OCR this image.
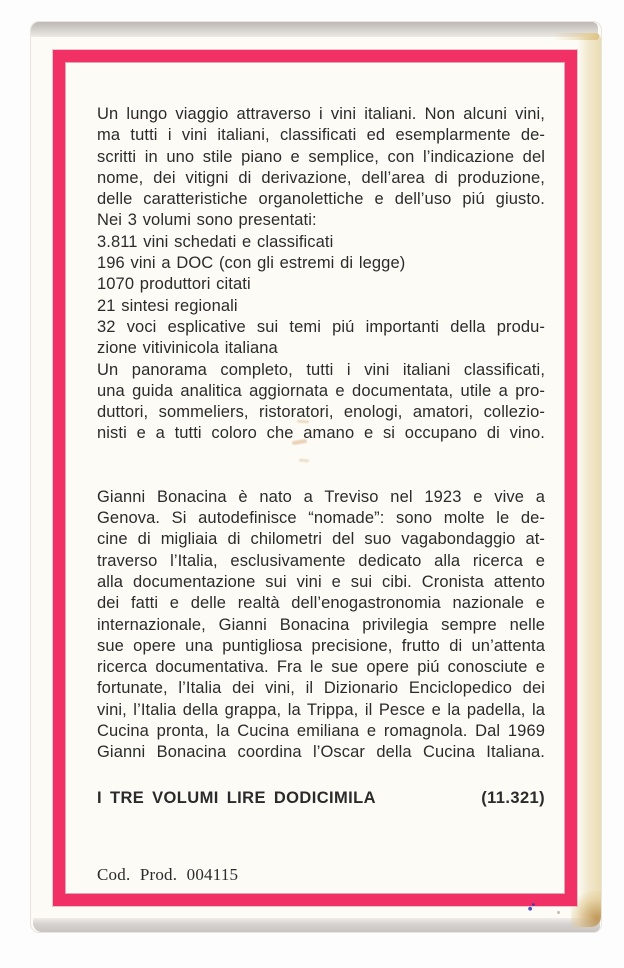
Un lungo viaggio attraverso i vini italiani. Non alcuni vini,
ma tutti i vini italiani, classificati ed esemplarmente de-
scritti in uno stile piano e semplice, con l’indicazione del
nome, dei vitigni di derivazione, dell’area di produzione,
delle caratteristiche organolettiche e dell’uso piú giusto.
Nei 3 volumi sono presentati:
3.811 vini schedati e classificati
196 vini a DOC (con gli estremi di legge)
1070 produttori citati
21 sintesi regionali
32 voci esplicative sui temi piú importanti della produ-
zione vitivinicola italiana
Un panorama completo, tutti i vini italiani classificati,
una guida analitica aggiornata e documentata, utile a pro-
duttori, sommeliers, ristoratori, enologi, amatori, collezio-
nisti e a tutti coloro che amano e si occupano di vino.
Gianni Bonacina è nato a Treviso nel 1923 e vive a
Genova. Si autodefinisce “nomade”: sono molte le de-
cine di migliaia di chilometri del suo vagabondaggio at-
traverso l’Italia, esclusivamente dedicato alla ricerca e
alla documentazione sui vini e sui cibi. Cronista attento
dei fatti e delle realtà dell’enogastronomia nazionale e
internazionale, Gianni Bonacina privilegia sempre nelle
sue opere una puntigliosa precisione, frutto di un’attenta
ricerca documentativa. Fra le sue opere piú conosciute e
fortunate, l’Italia dei vini, il Dizionario Enciclopedico dei
vini, l’Italia della grappa, la Trippa, il Pesce e la padella, la
Cucina pronta, la Cucina emiliana e romagnola. Dal 1969
Gianni Bonacina coordina l’Oscar della Cucina Italiana.
I TRE VOLUMI LIRE DODICIMILA	(11.321)
Cod. Prod. 004115
